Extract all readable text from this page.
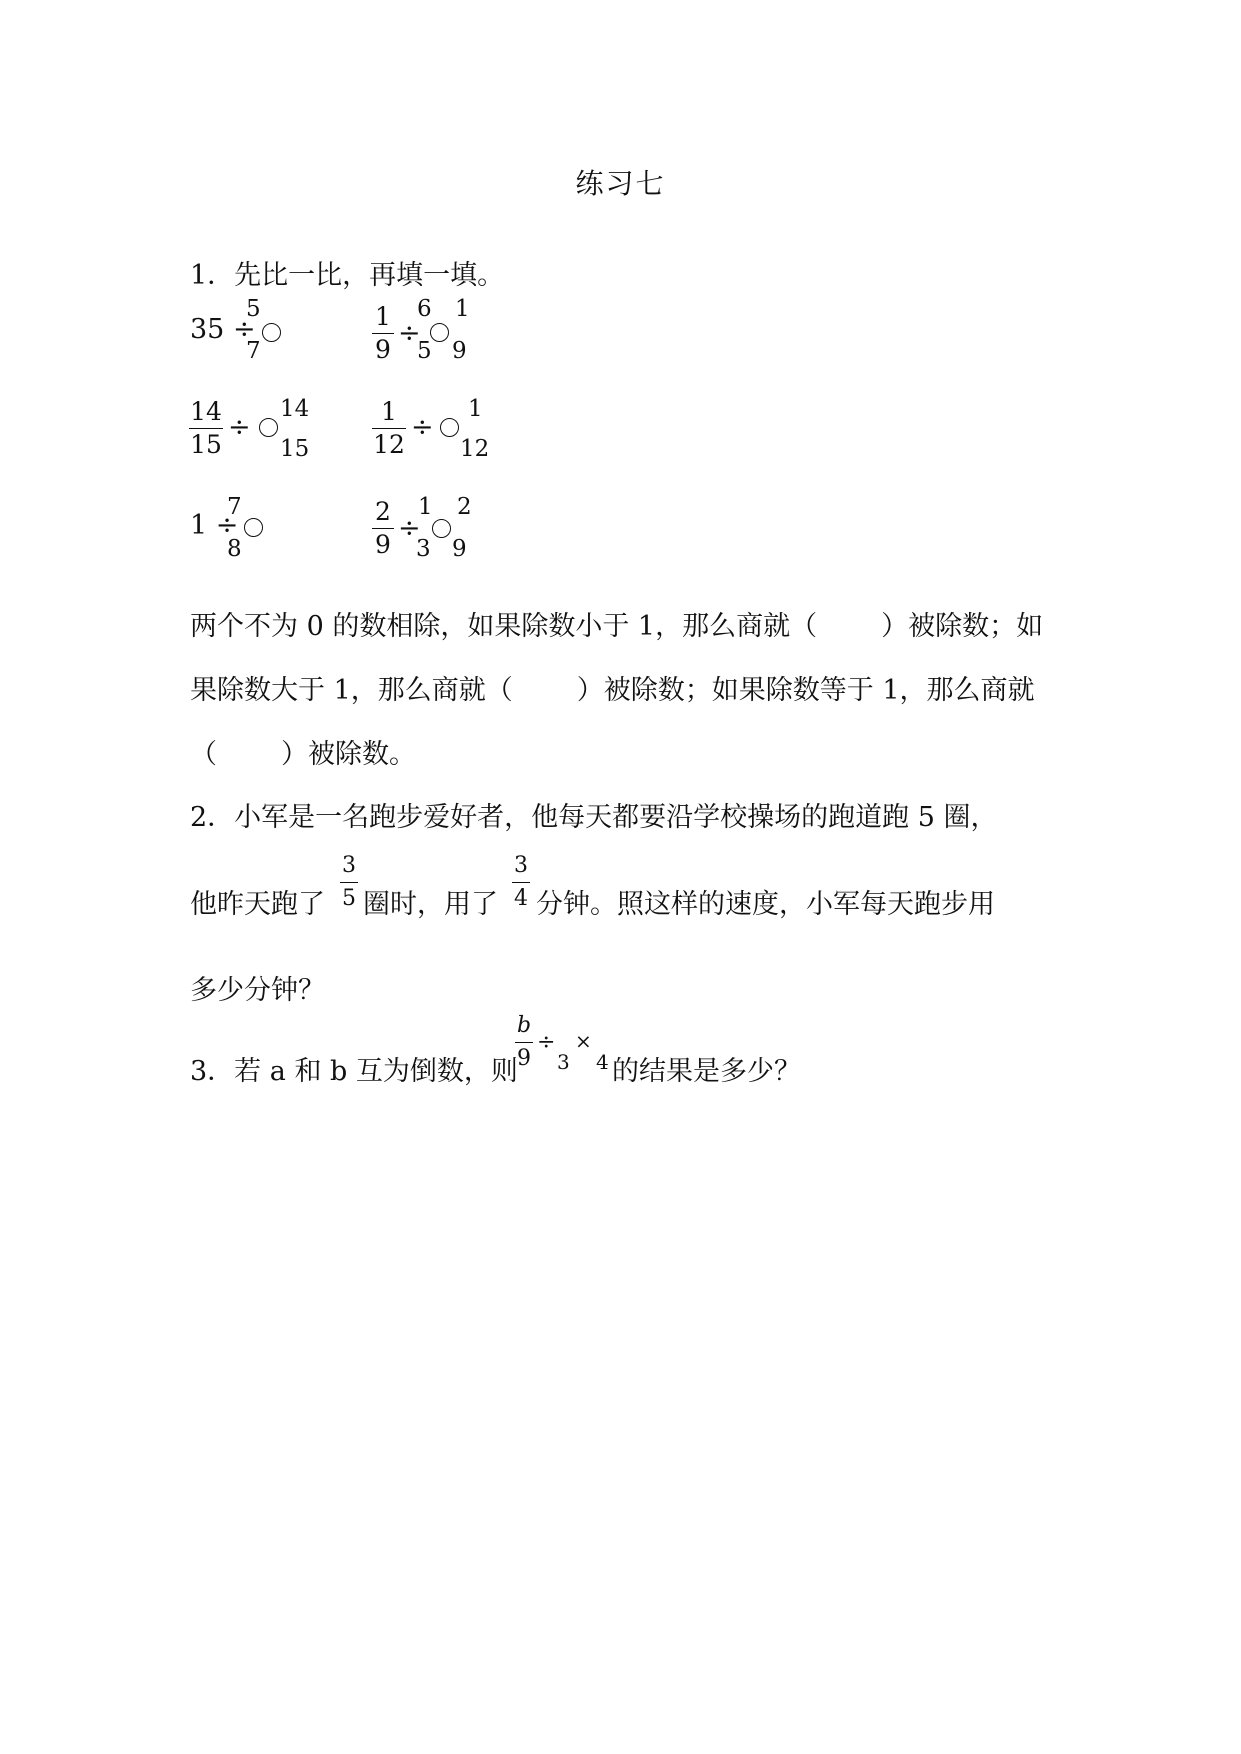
练习七
1．先比一比，再填一填。
35 ÷
5
7
1
9
÷
6
5
1
9
14
15
÷
14
15
1
12
÷
1
12
1 ÷
7
8
2
9
÷
1
3
2
9
两个不为 0 的数相除，如果除数小于 1，那么商就（ ）被除数；如
果除数大于 1，那么商就（ ）被除数；如果除数等于 1，那么商就
（ ）被除数。
2．小军是一名跑步爱好者，他每天都要沿学校操场的跑道跑 5 圈，
他昨天跑了
3
5 圈时，用了
3
4 分钟。照这样的速度，小军每天跑步用
多少分钟？
3．若 a 和 b 互为倒数，则
b
9
÷
3
×
4 的结果是多少？
